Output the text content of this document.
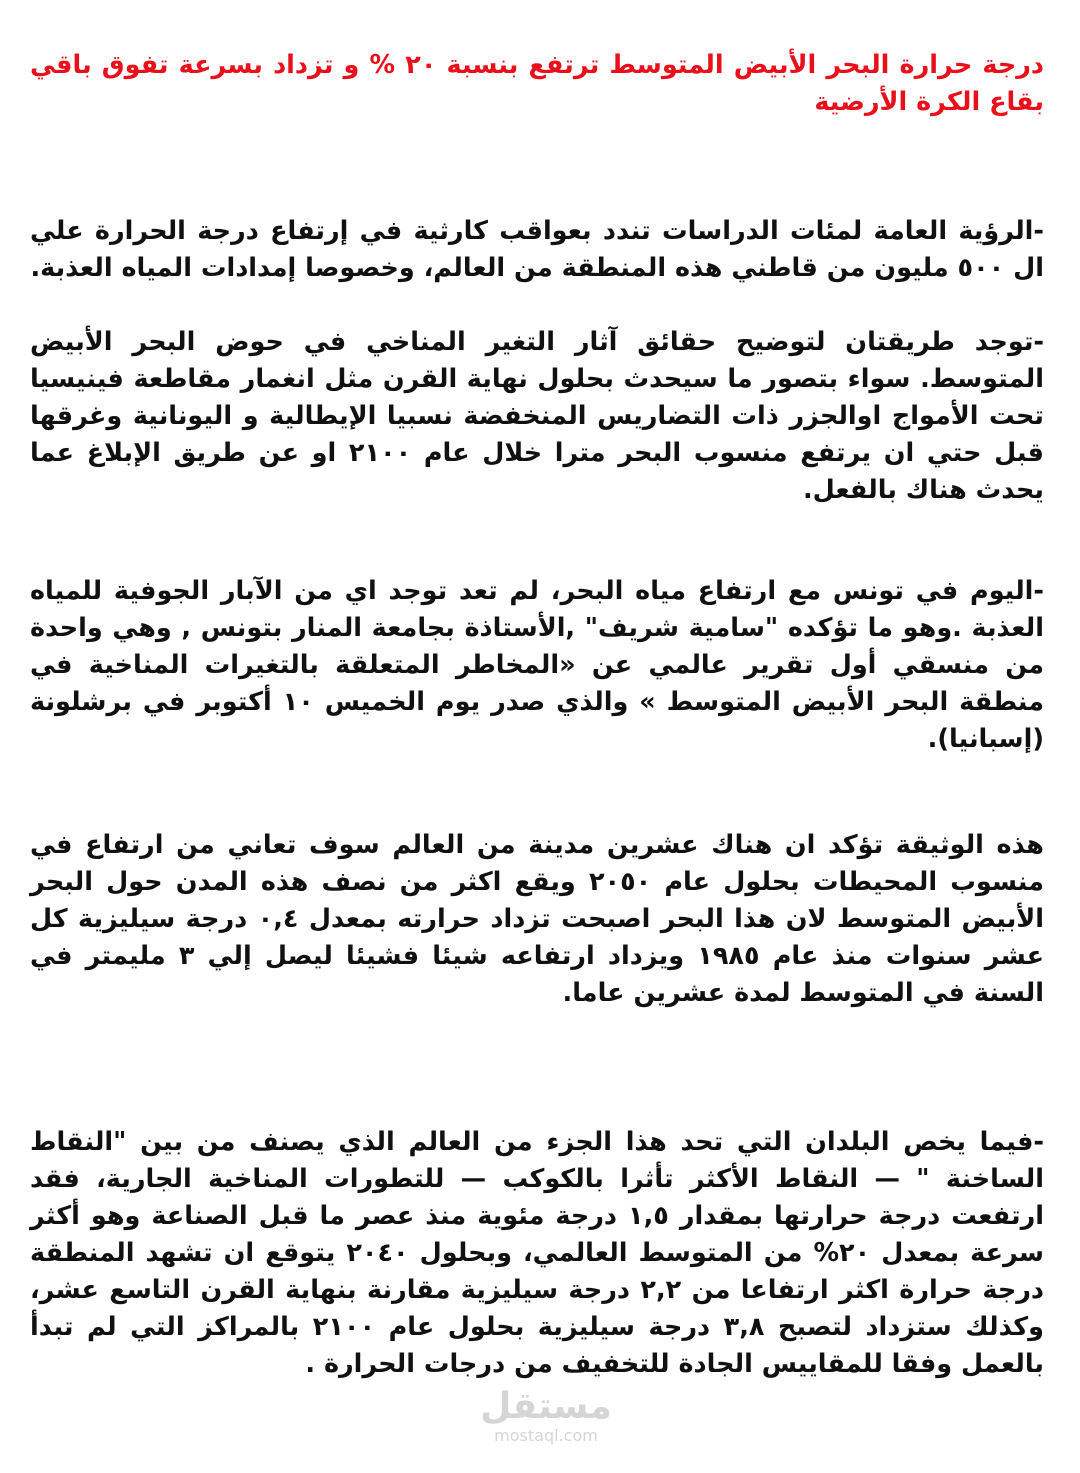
درجة حرارة البحر الأبيض المتوسط ترتفع بنسبة ٢٠ % و تزداد بسرعة تفوق باقي بقاع الكرة الأرضية
-الرؤية العامة لمئات الدراسات تندد بعواقب كارثية في إرتفاع درجة الحرارة علي ال ٥٠٠ مليون من قاطني هذه المنطقة من العالم، وخصوصا إمدادات المياه العذبة.
-توجد طريقتان لتوضيح حقائق آثار التغير المناخي في حوض البحر الأبيض المتوسط. سواء بتصور ما سيحدث بحلول نهاية القرن مثل انغمار مقاطعة فينيسيا تحت الأمواج اوالجزر ذات التضاريس المنخفضة نسبيا الإيطالية و اليونانية وغرقها قبل حتي ان يرتفع منسوب البحر مترا خلال عام ٢١٠٠ او عن طريق الإبلاغ عما يحدث هناك بالفعل.
-اليوم في تونس مع ارتفاع مياه البحر، لم تعد توجد اي من الآبار الجوفية للمياه العذبة .وهو ما تؤكده "سامية شريف" ,الأستاذة بجامعة المنار بتونس , وهي واحدة من منسقي أول تقرير عالمي عن «المخاطر المتعلقة بالتغيرات المناخية في منطقة البحر الأبيض المتوسط » والذي صدر يوم الخميس ١٠ أكتوبر في برشلونة (إسبانيا).
هذه الوثيقة تؤكد ان هناك عشرين مدينة من العالم سوف تعاني من ارتفاع في منسوب المحيطات بحلول عام ٢٠٥٠ ويقع اكثر من نصف هذه المدن حول البحر الأبيض المتوسط لان هذا البحر اصبحت تزداد حرارته بمعدل ٠,٤ درجة سيليزية كل عشر سنوات منذ عام ١٩٨٥ ويزداد ارتفاعه شيئا فشيئا ليصل إلي ٣ مليمتر في السنة في المتوسط لمدة عشرين عاما.
-فيما يخص البلدان التي تحد هذا الجزء من العالم الذي يصنف من بين "النقاط الساخنة " — النقاط الأكثر تأثرا بالكوكب — للتطورات المناخية الجارية، فقد ارتفعت درجة حرارتها بمقدار ١,٥ درجة مئوية منذ عصر ما قبل الصناعة وهو أكثر سرعة بمعدل ٢٠% من المتوسط العالمي، وبحلول ٢٠٤٠ يتوقع ان تشهد المنطقة درجة حرارة اكثر ارتفاعا من ٢,٢ درجة سيليزية مقارنة بنهاية القرن التاسع عشر، وكذلك ستزداد لتصبح ٣,٨ درجة سيليزية بحلول عام ٢١٠٠ بالمراكز التي لم تبدأ بالعمل وفقا للمقاييس الجادة للتخفيف من درجات الحرارة .
مستقل
mostaql.com
